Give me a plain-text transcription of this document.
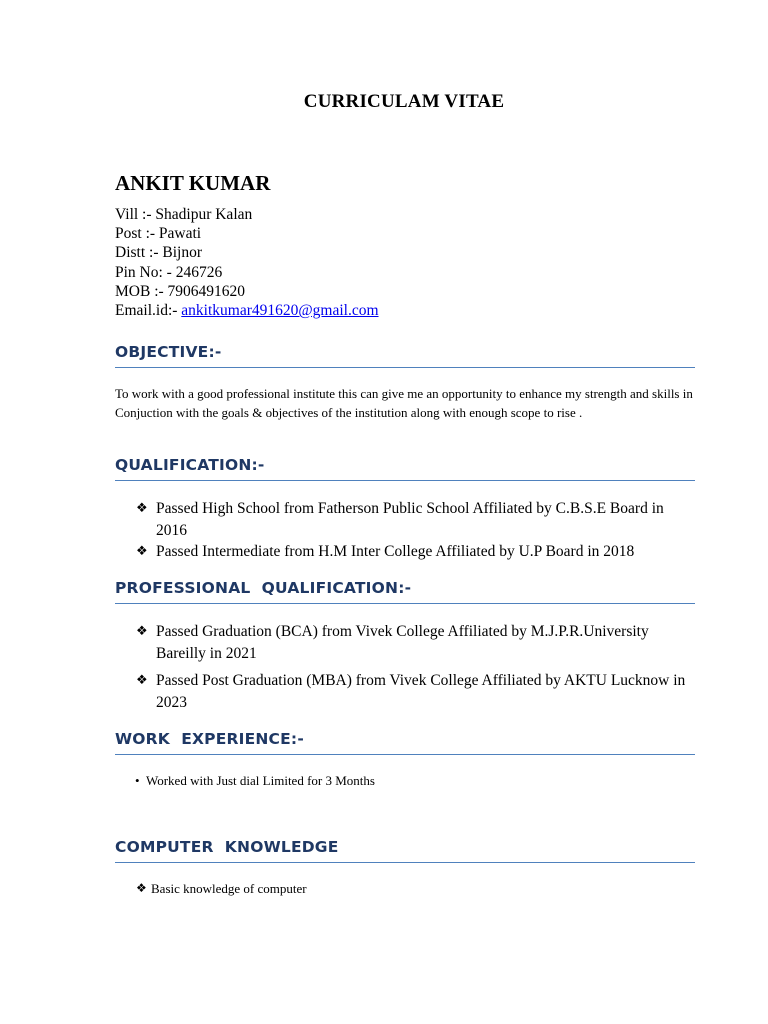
CURRICULAM VITAE
ANKIT KUMAR
Vill :- Shadipur Kalan
Post :- Pawati
Distt :- Bijnor
Pin No: - 246726
MOB :- 7906491620
Email.id:- ankitkumar491620@gmail.com
OBJECTIVE:-
To work with a good professional institute this can give me an opportunity to enhance my strength and skills in Conjuction with the goals & objectives of the institution along with enough scope to rise .
QUALIFICATION:-
❖ Passed High School from Fatherson Public School Affiliated by C.B.S.E Board in 2016
❖ Passed Intermediate from H.M Inter College Affiliated by U.P Board in 2018
PROFESSIONAL  QUALIFICATION:-
❖ Passed Graduation (BCA) from Vivek College Affiliated by M.J.P.R.University Bareilly in 2021
❖ Passed Post Graduation (MBA) from Vivek College Affiliated by AKTU Lucknow in 2023
WORK  EXPERIENCE:-
• Worked with Just dial Limited for 3 Months
COMPUTER  KNOWLEDGE
❖ Basic knowledge of computer
